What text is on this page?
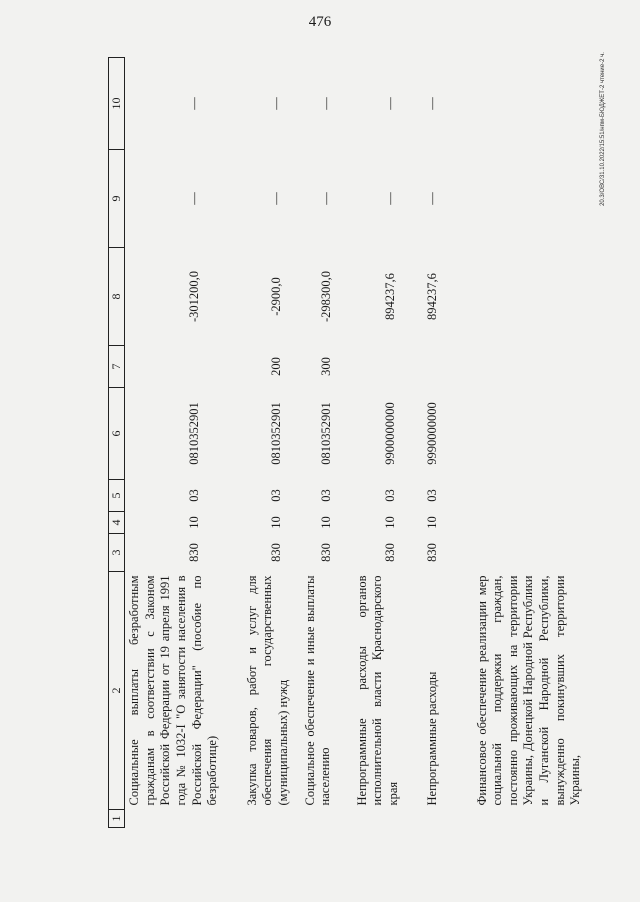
476
1	2	3	4	5	6	7	8	9	10
	Социальные выплаты безработным гражданам в соответствии с Законом Российской Федерации от 19 апреля 1991 года № 1032-I "О занятости населения в Российской Федерации" (пособие по безработице)	830	10	03	0810352901		-301200,0	—	—
	Закупка товаров, работ и услуг для обеспечения государственных (муниципальных) нужд	830	10	03	0810352901	200	-2900,0	—	—
	Социальное обеспечение и иные выплаты населению	830	10	03	0810352901	300	-298300,0	—	—
	Непрограммные расходы органов исполнительной власти Краснодарского края	830	10	03	9900000000		894237,6	—	—
	Непрограммные расходы	830	10	03	9990000000		894237,6	—	—
	Финансовое обеспечение реализации мер социальной поддержки граждан, постоянно проживающих на территории Украины, Донецкой Народной Республики и Луганской Народной Республики, вынужденно покинувших территории Украины,								
20.3/ОВС/31.10.2022/15:51/нпм-БЮДЖЕТ-2 чтение-2 ч.
